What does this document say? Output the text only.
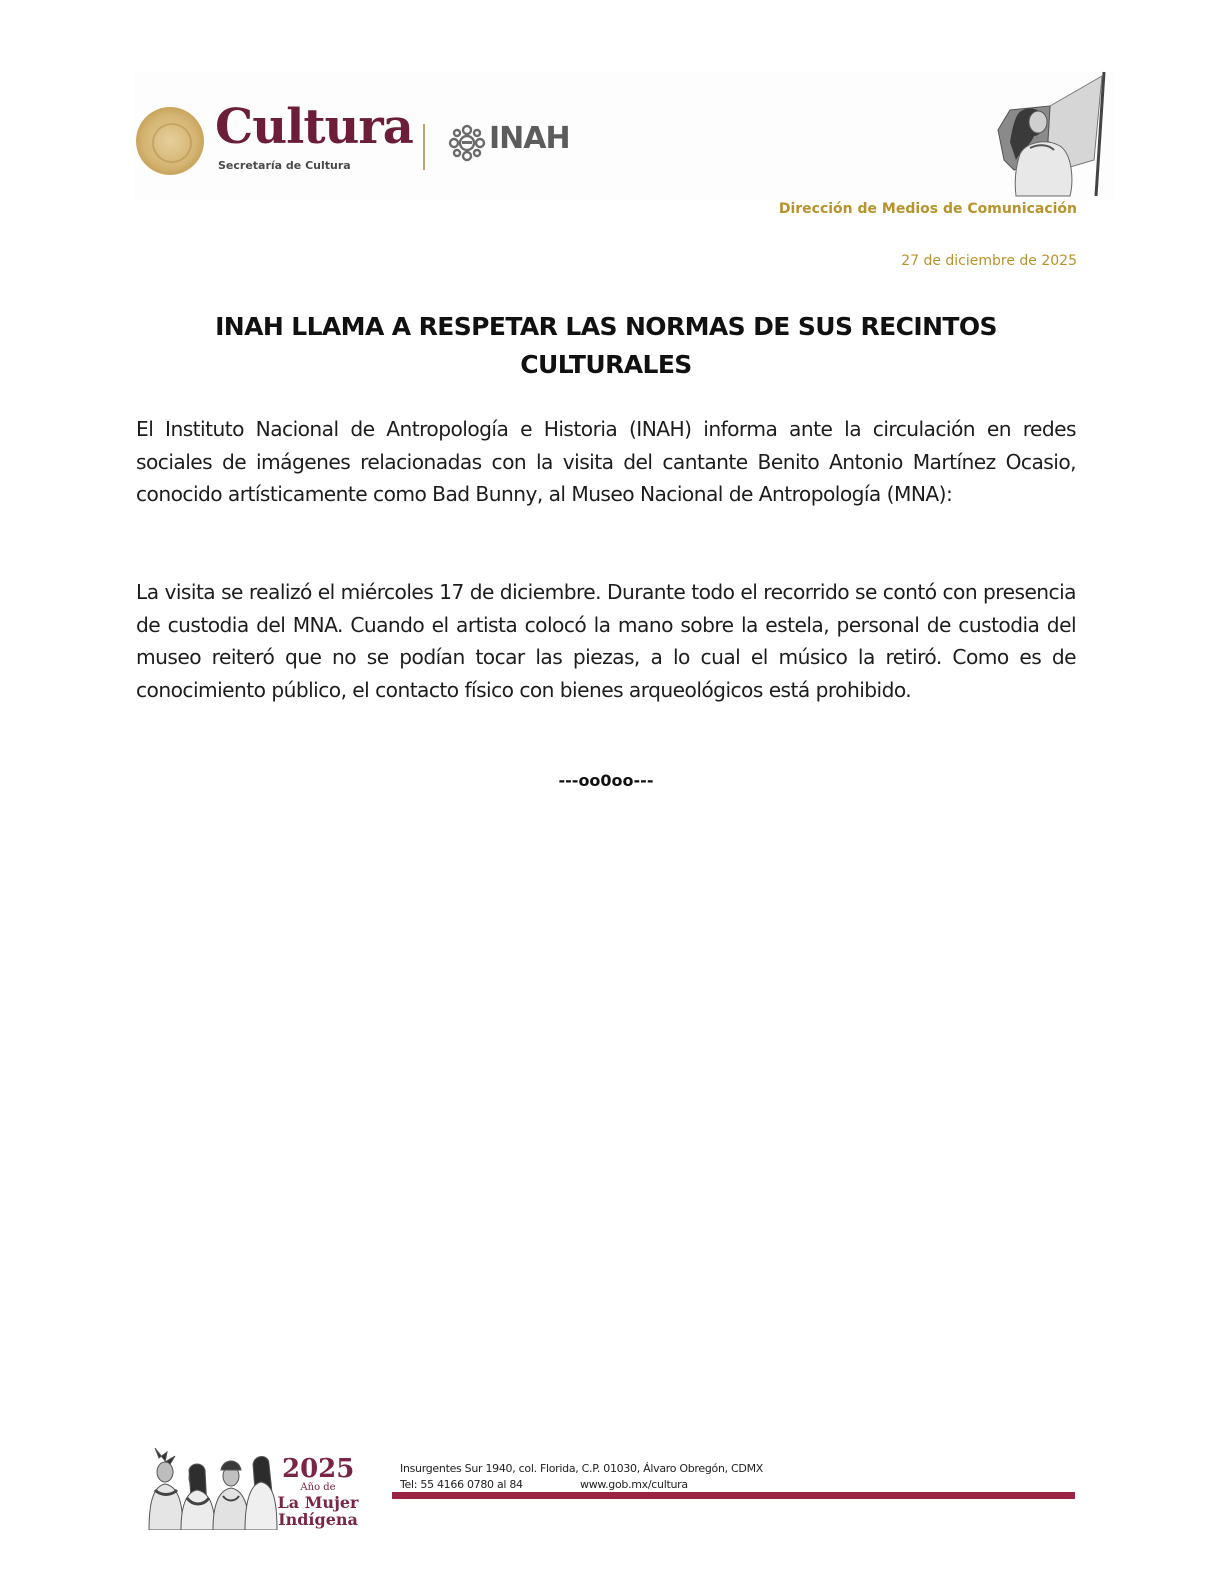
Cultura
Secretaría de Cultura
INAH
Dirección de Medios de Comunicación
27 de diciembre de 2025
INAH LLAMA A RESPETAR LAS NORMAS DE SUS RECINTOS CULTURALES
El Instituto Nacional de Antropología e Historia (INAH) informa ante la circulación en redes sociales de imágenes relacionadas con la visita del cantante Benito Antonio Martínez Ocasio, conocido artísticamente como Bad Bunny, al Museo Nacional de Antropología (MNA):
La visita se realizó el miércoles 17 de diciembre. Durante todo el recorrido se contó con presencia de custodia del MNA. Cuando el artista colocó la mano sobre la estela, personal de custodia del museo reiteró que no se podían tocar las piezas, a lo cual el músico la retiró. Como es de conocimiento público, el contacto físico con bienes arqueológicos está prohibido.
---oo0oo---
2025
Año de
La Mujer
Indígena
Insurgentes Sur 1940, col. Florida, C.P. 01030, Álvaro Obregón, CDMX
Tel: 55 4166 0780 al 84	www.gob.mx/cultura
